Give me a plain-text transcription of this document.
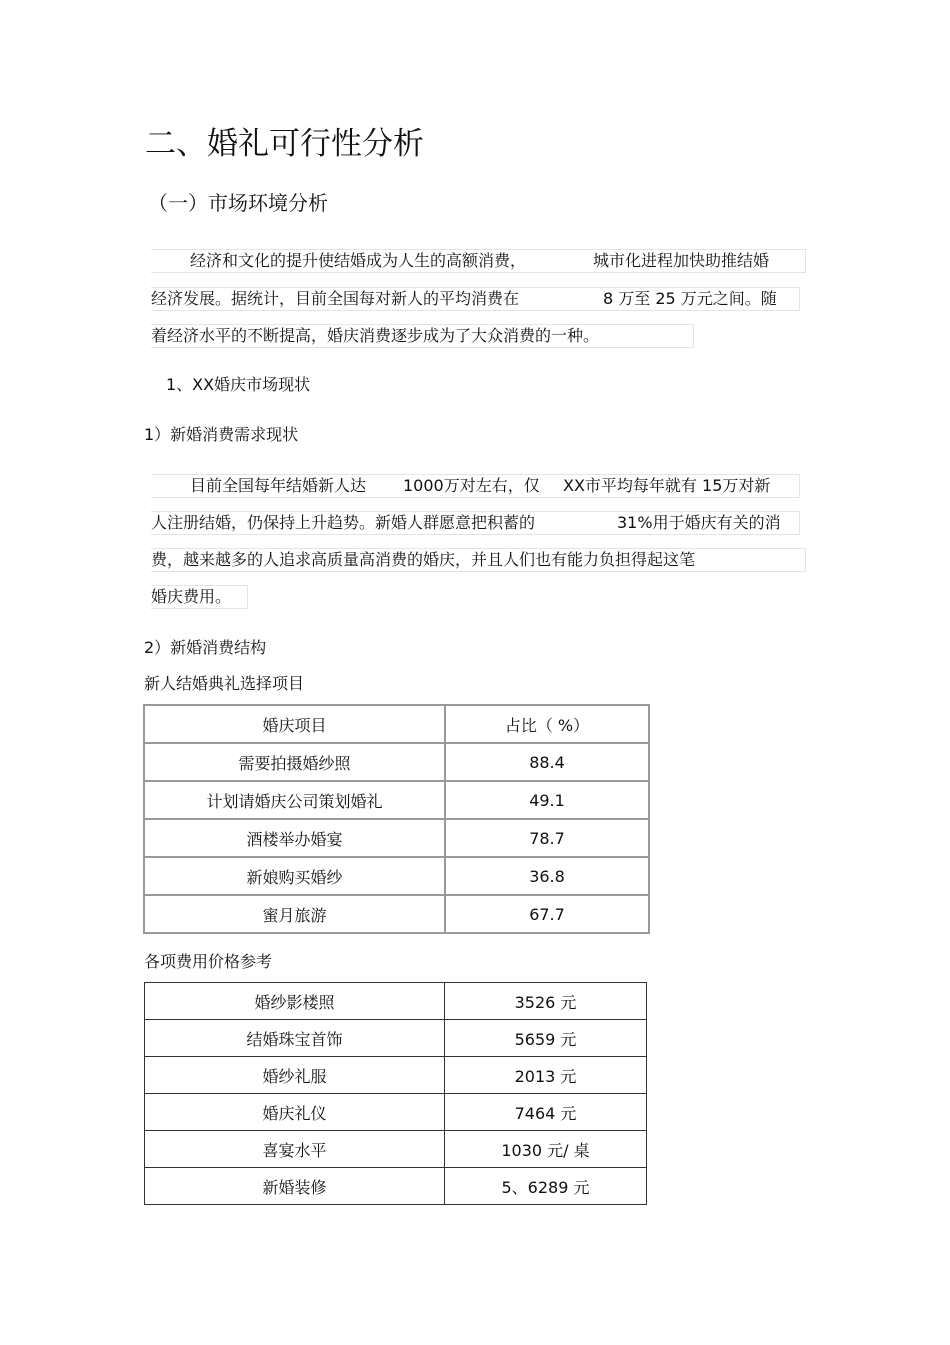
二、婚礼可行性分析
（一）市场环境分析
经济和文化的提升使结婚成为人生的高额消费，	城市化进程加快助推结婚
经济发展。据统计，目前全国每对新人的平均消费在	8 万至 25 万元之间。随
着经济水平的不断提高，婚庆消费逐步成为了大众消费的一种。
1、XX婚庆市场现状
1）新婚消费需求现状
目前全国每年结婚新人达 1000万对左右，仅 XX市平均每年就有 15万对新
人注册结婚，仍保持上升趋势。新婚人群愿意把积蓄的	31%用于婚庆有关的消
费，越来越多的人追求高质量高消费的婚庆，并且人们也有能力负担得起这笔
婚庆费用。
2）新婚消费结构
新人结婚典礼选择项目
婚庆项目	占比（ %）
需要拍摄婚纱照	88.4
计划请婚庆公司策划婚礼	49.1
酒楼举办婚宴	78.7
新娘购买婚纱	36.8
蜜月旅游	67.7
各项费用价格参考
婚纱影楼照	3526 元
结婚珠宝首饰	5659 元
婚纱礼服	2013 元
婚庆礼仪	7464 元
喜宴水平	1030 元/ 桌
新婚装修	5、6289 元
